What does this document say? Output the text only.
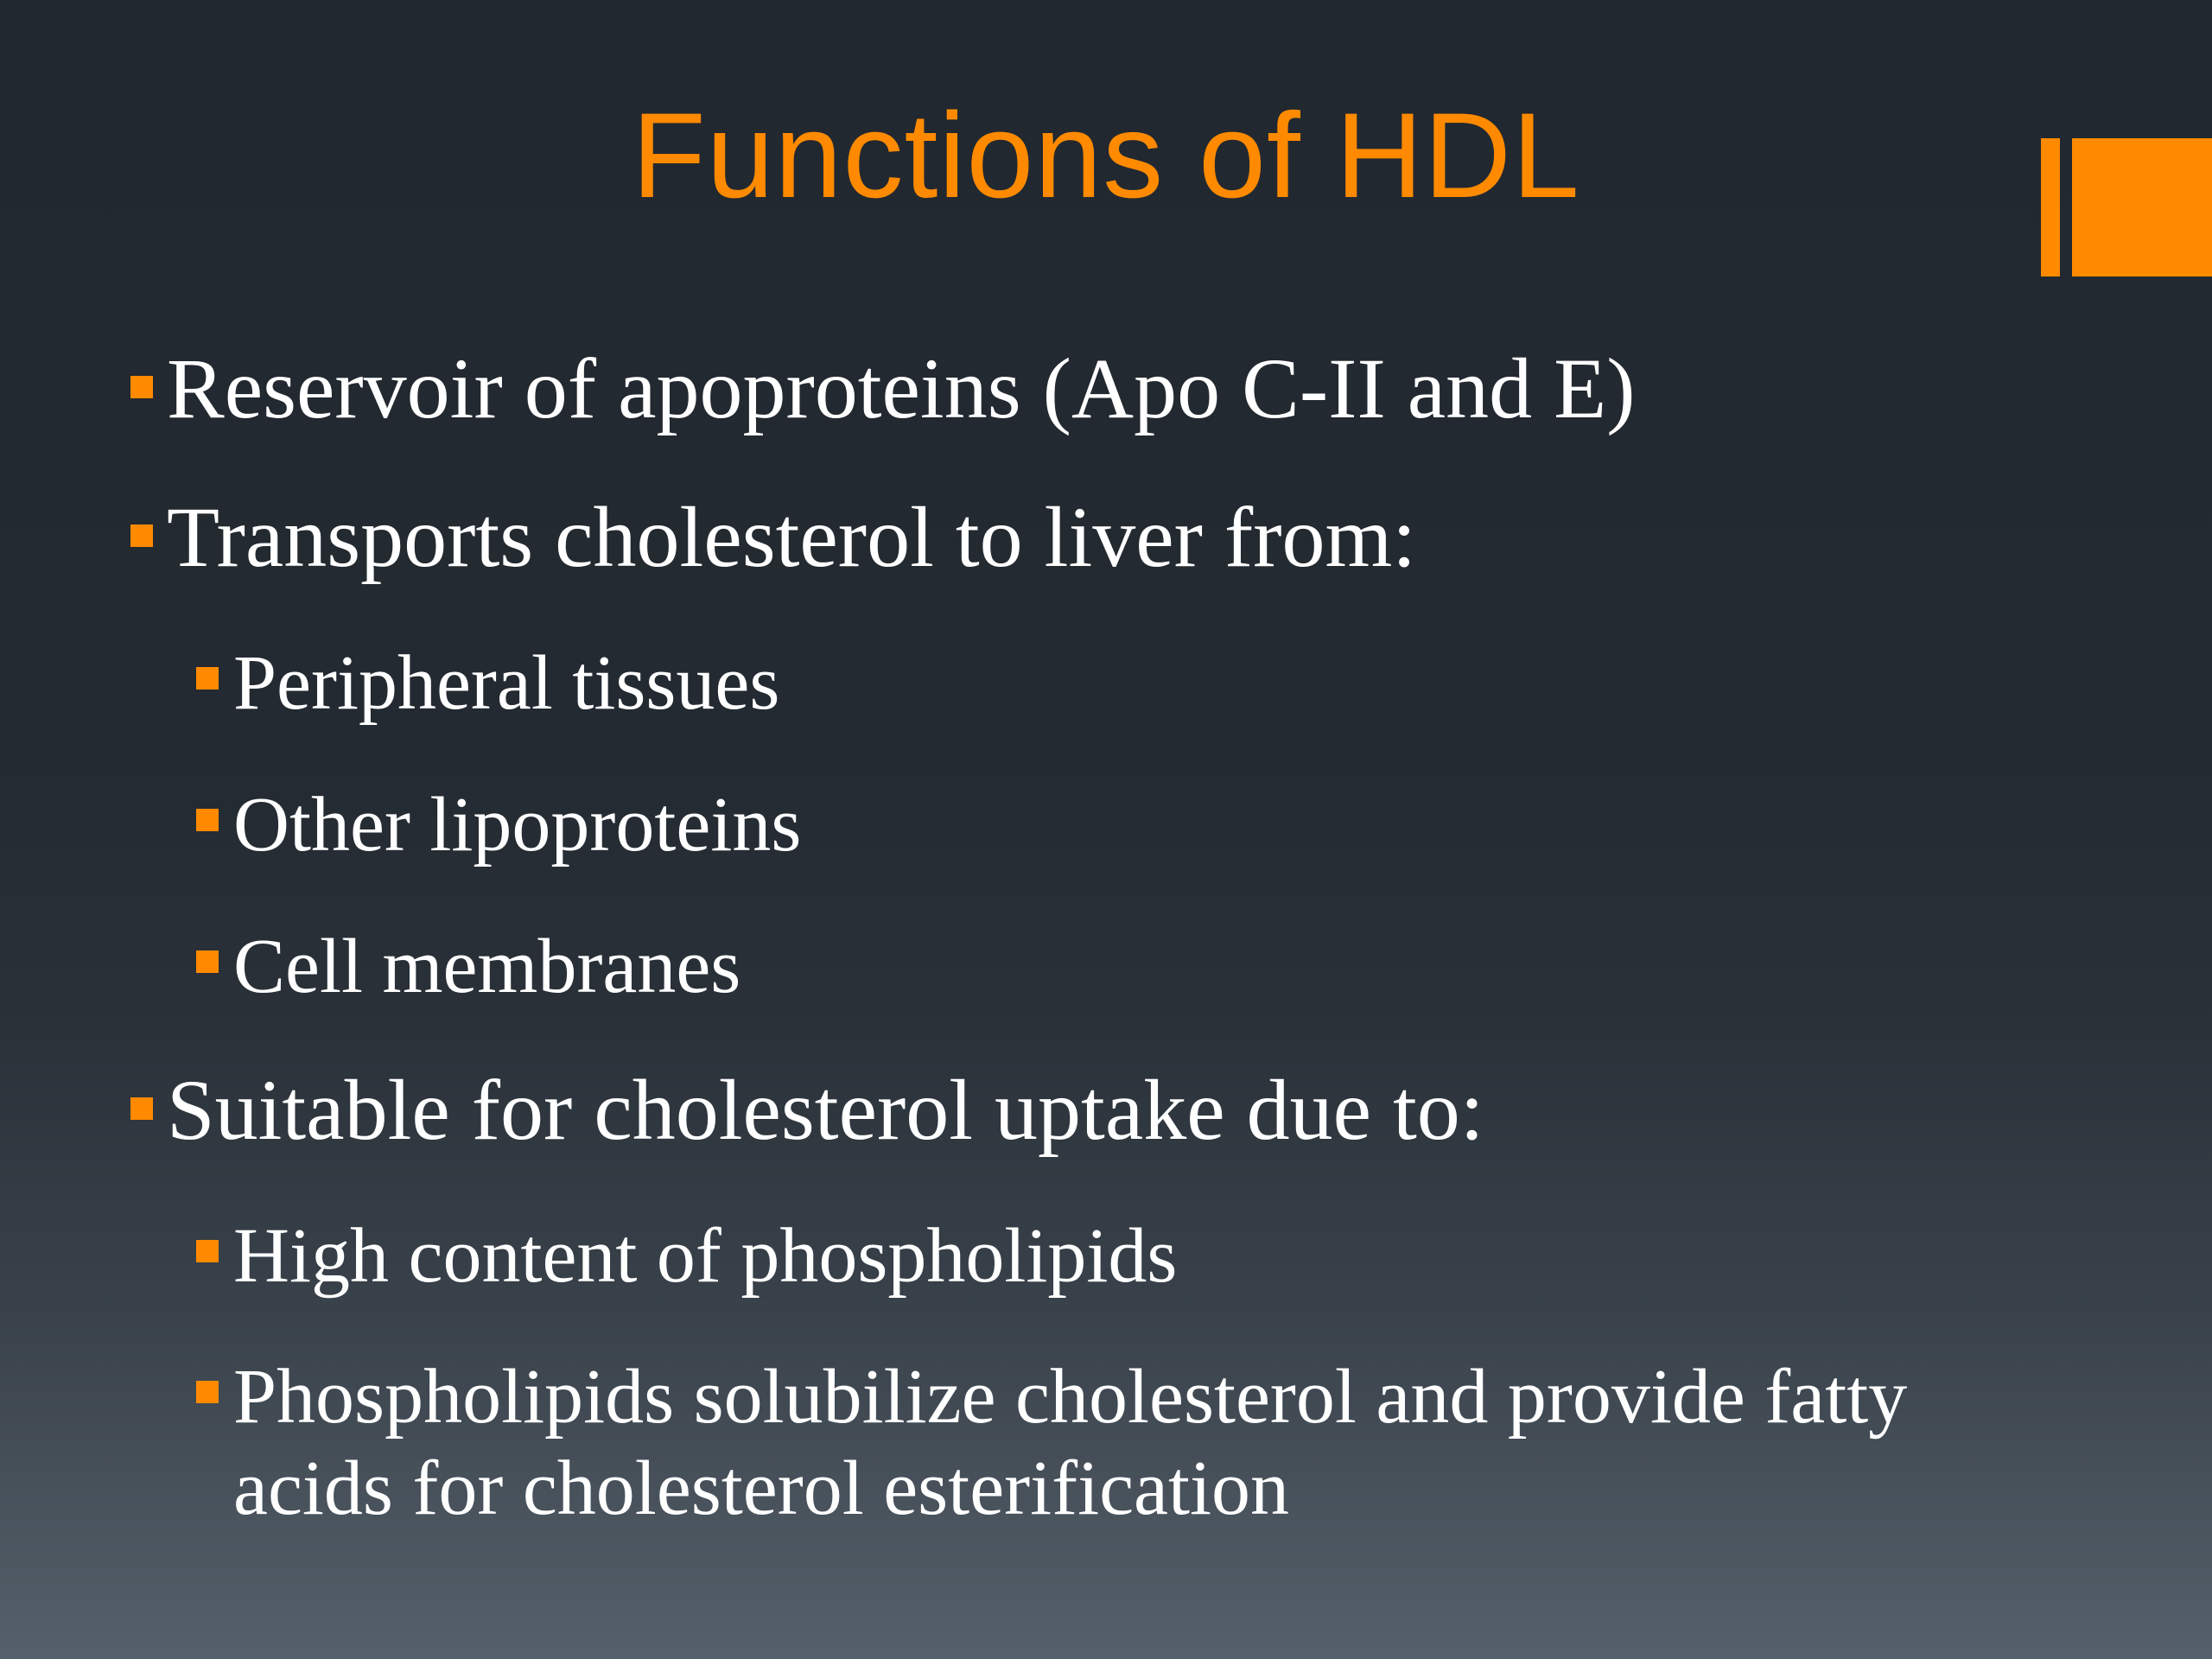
Functions of HDL
Reservoir of apoproteins (Apo C-II and E)
Transports cholesterol to liver from:
Peripheral tissues
Other lipoproteins
Cell membranes
Suitable for cholesterol uptake due to:
High content of phospholipids
Phospholipids solubilize cholesterol and provide fatty acids for cholesterol esterification
